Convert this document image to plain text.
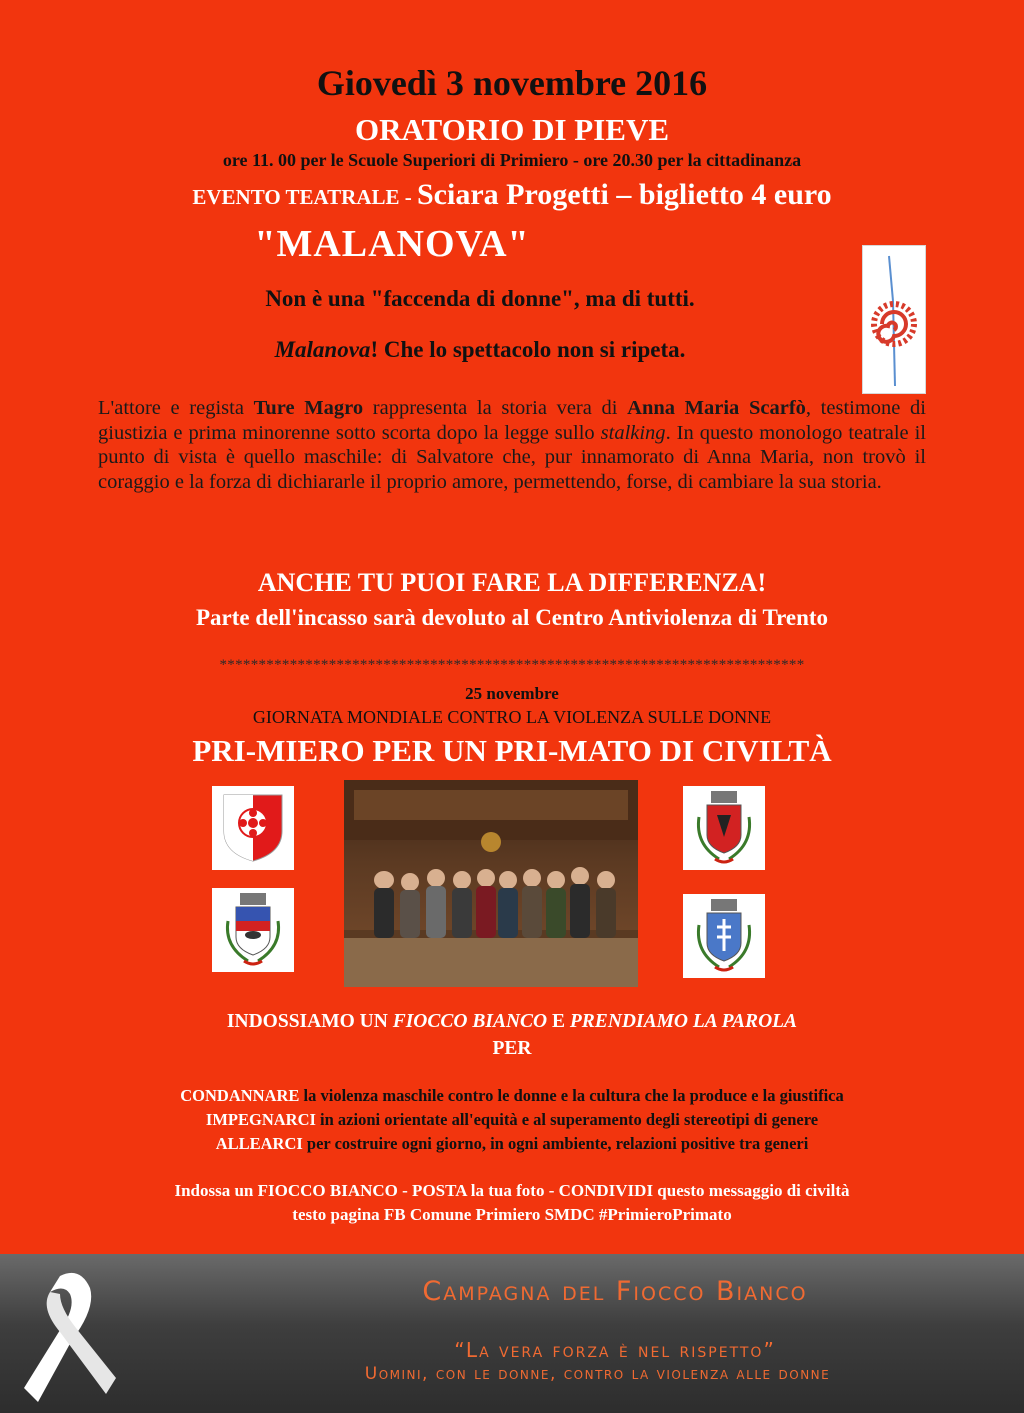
Giovedì 3 novembre 2016
ORATORIO DI PIEVE
ore 11. 00 per le Scuole Superiori di Primiero - ore 20.30 per la cittadinanza
EVENTO TEATRALE - Sciara Progetti – biglietto 4 euro
"MALANOVA"
Non è una "faccenda di donne", ma di tutti.
Malanova! Che lo spettacolo non si ripeta.
L'attore e regista Ture Magro rappresenta la storia vera di Anna Maria Scarfò, testimone di giustizia e prima minorenne sotto scorta dopo la legge sullo stalking. In questo monologo teatrale il punto di vista è quello maschile: di Salvatore che, pur innamorato di Anna Maria, non trovò il coraggio e la forza di dichiararle il proprio amore, permettendo, forse, di cambiare la sua storia.
ANCHE TU PUOI FARE LA DIFFERENZA!
Parte dell'incasso sarà devoluto al Centro Antiviolenza di Trento
***************************************************************************
25 novembre
GIORNATA MONDIALE CONTRO LA VIOLENZA SULLE DONNE
PRI-MIERO PER UN PRI-MATO DI CIVILTÀ
INDOSSIAMO UN FIOCCO BIANCO E PRENDIAMO LA PAROLA
PER
CONDANNARE la violenza maschile contro le donne e la cultura che la produce e la giustifica
IMPEGNARCI in azioni orientate all'equità e al superamento degli stereotipi di genere
ALLEARCI per costruire ogni giorno, in ogni ambiente, relazioni positive tra generi
Indossa un FIOCCO BIANCO - POSTA la tua foto - CONDIVIDI questo messaggio di civiltà
testo pagina FB Comune Primiero SMDC #PrimieroPrimato
Campagna del Fiocco Bianco
“La vera forza è nel rispetto”
Uomini, con le donne, contro la violenza alle donne
